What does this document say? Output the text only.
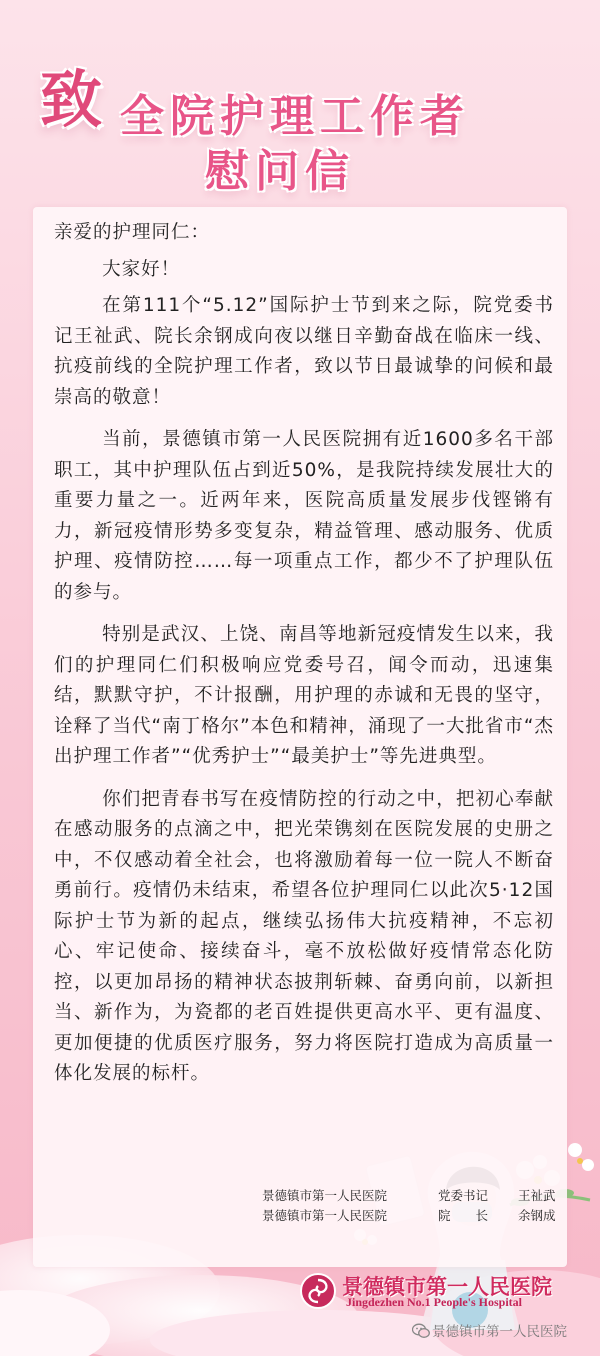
致 全院护理工作者
慰问信
亲爱的护理同仁：
大家好！

在第111个“5.12”国际护士节到来之际，院党委书记王祉武、院长余钢成向夜以继日辛勤奋战在临床一线、抗疫前线的全院护理工作者，致以节日最诚挚的问候和最崇高的敬意！

当前，景德镇市第一人民医院拥有近1600多名干部职工，其中护理队伍占到近50%，是我院持续发展壮大的重要力量之一。近两年来，医院高质量发展步伐铿锵有力，新冠疫情形势多变复杂，精益管理、感动服务、优质护理、疫情防控……每一项重点工作，都少不了护理队伍的参与。

特别是武汉、上饶、南昌等地新冠疫情发生以来，我们的护理同仁们积极响应党委号召，闻令而动，迅速集结，默默守护，不计报酬，用护理的赤诚和无畏的坚守，诠释了当代“南丁格尔”本色和精神，涌现了一大批省市“杰出护理工作者”“优秀护士”“最美护士”等先进典型。

你们把青春书写在疫情防控的行动之中，把初心奉献在感动服务的点滴之中，把光荣镌刻在医院发展的史册之中，不仅感动着全社会，也将激励着每一位一院人不断奋勇前行。疫情仍未结束，希望各位护理同仁以此次5·12国际护士节为新的起点，继续弘扬伟大抗疫精神，不忘初心、牢记使命、接续奋斗，毫不放松做好疫情常态化防控，以更加昂扬的精神状态披荆斩棘、奋勇向前，以新担当、新作为，为瓷都的老百姓提供更高水平、更有温度、更加便捷的优质医疗服务，努力将医院打造成为高质量一体化发展的标杆。

景德镇市第一人民医院	党委书记	王祉武
景德镇市第一人民医院	院　　长	余钢成
景德镇市第一人民医院
Jingdezhen No.1 People's Hospital
景德镇市第一人民医院
